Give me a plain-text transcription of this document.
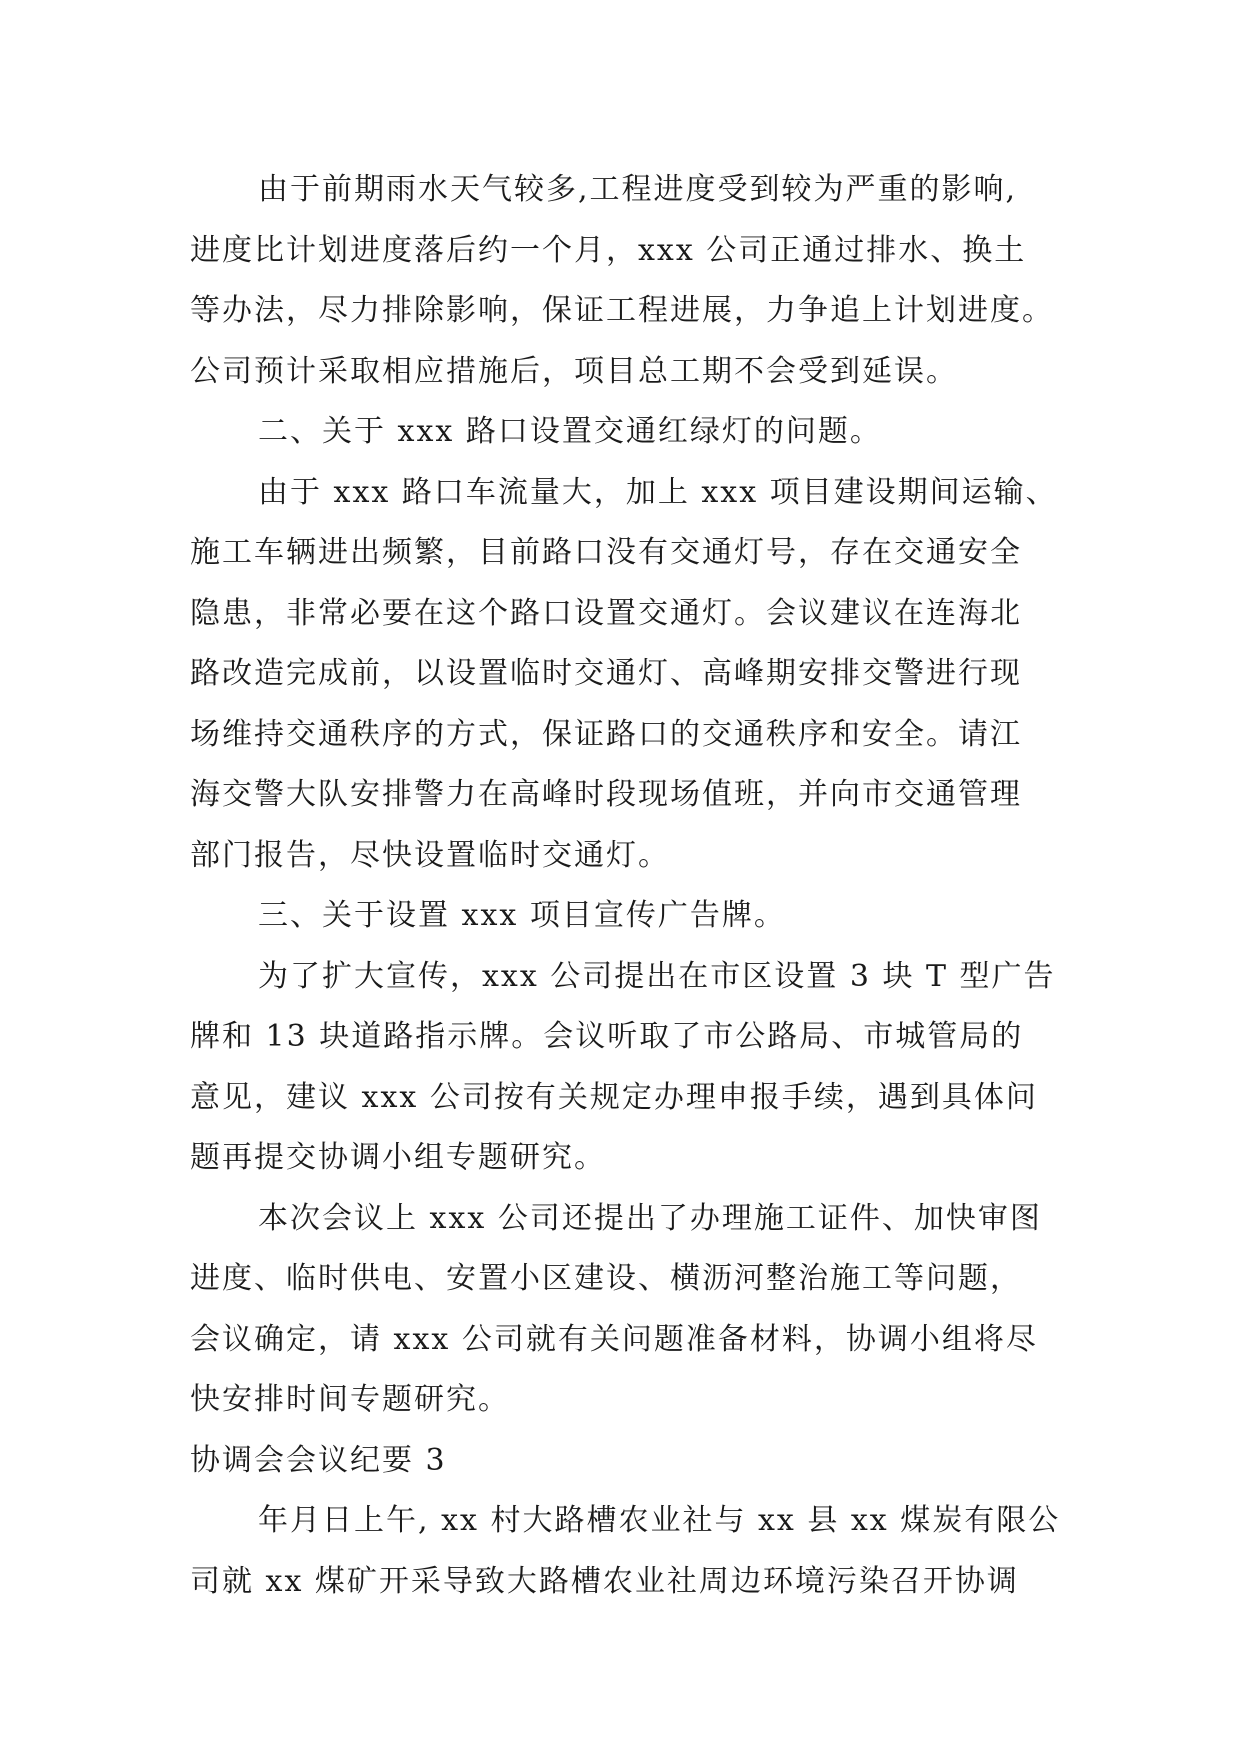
由于前期雨水天气较多,工程进度受到较为严重的影响,
进度比计划进度落后约一个月，xxx 公司正通过排水、换土
等办法，尽力排除影响，保证工程进展，力争追上计划进度。
公司预计采取相应措施后，项目总工期不会受到延误。
二、关于 xxx 路口设置交通红绿灯的问题。
由于 xxx 路口车流量大，加上 xxx 项目建设期间运输、
施工车辆进出频繁，目前路口没有交通灯号，存在交通安全
隐患，非常必要在这个路口设置交通灯。会议建议在连海北
路改造完成前，以设置临时交通灯、高峰期安排交警进行现
场维持交通秩序的方式，保证路口的交通秩序和安全。请江
海交警大队安排警力在高峰时段现场值班，并向市交通管理
部门报告，尽快设置临时交通灯。
三、关于设置 xxx 项目宣传广告牌。
为了扩大宣传，xxx 公司提出在市区设置 3 块 T 型广告
牌和 13 块道路指示牌。会议听取了市公路局、市城管局的
意见，建议 xxx 公司按有关规定办理申报手续，遇到具体问
题再提交协调小组专题研究。
本次会议上 xxx 公司还提出了办理施工证件、加快审图
进度、临时供电、安置小区建设、横沥河整治施工等问题，
会议确定，请 xxx 公司就有关问题准备材料，协调小组将尽
快安排时间专题研究。
协调会会议纪要 3
年月日上午, xx 村大路槽农业社与 xx 县 xx 煤炭有限公
司就 xx 煤矿开采导致大路槽农业社周边环境污染召开协调
